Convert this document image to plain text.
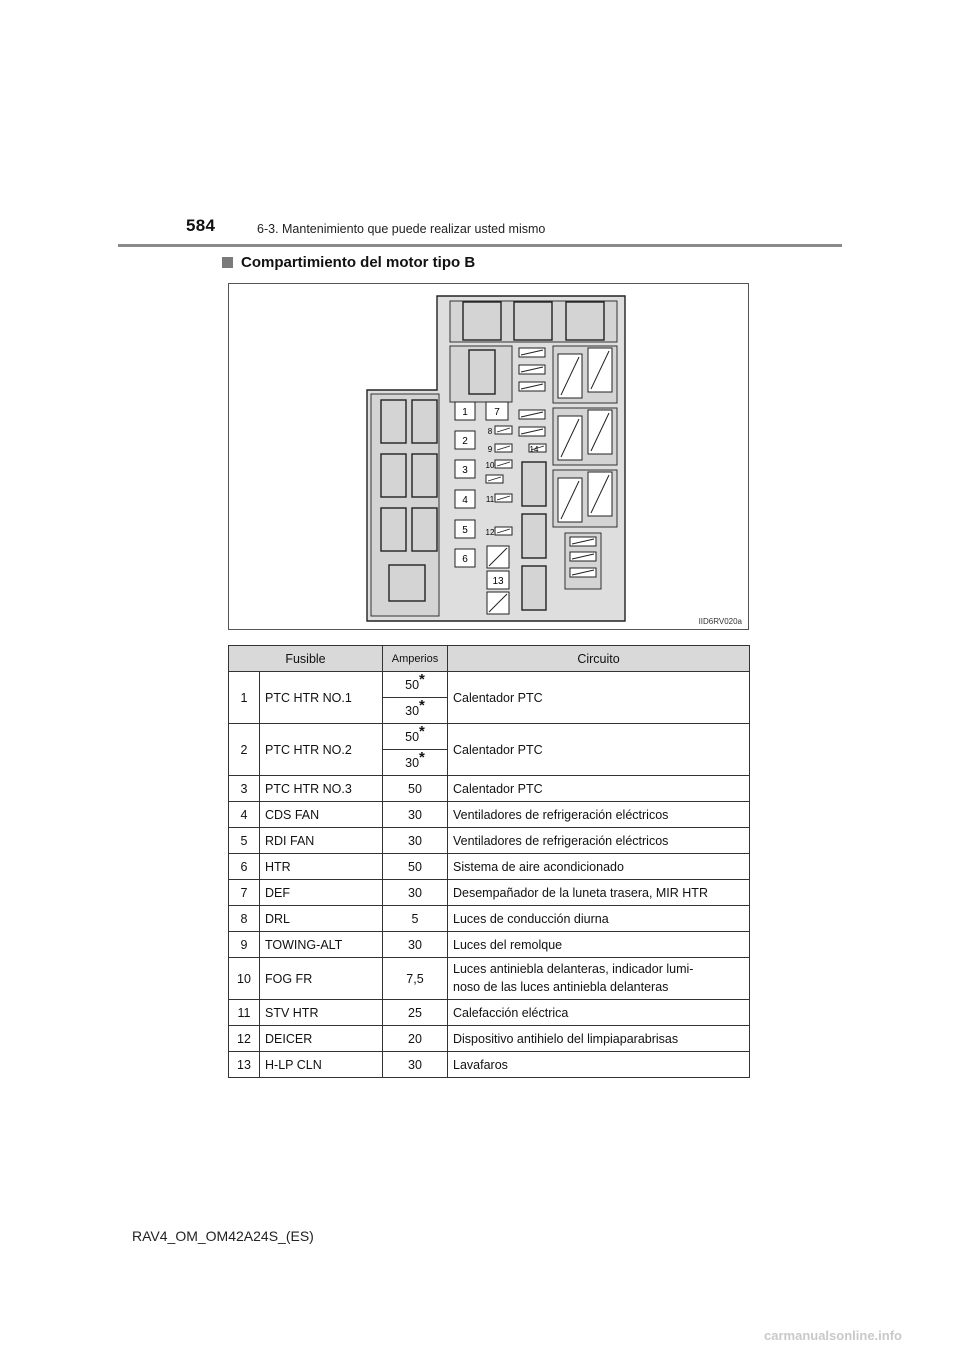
584	6-3. Mantenimiento que puede realizar usted mismo
Compartimiento del motor tipo B
1
2
3
4
5
6
7
8
9
10
11
12
14
13
IID6RV020a
Fusible		Amperios	Circuito
1	PTC HTR NO.1	50*	Calentador PTC
		30*
2	PTC HTR NO.2	50*	Calentador PTC
		30*
3	PTC HTR NO.3	50	Calentador PTC
4	CDS FAN	30	Ventiladores de refrigeración eléctricos
5	RDI FAN	30	Ventiladores de refrigeración eléctricos
6	HTR	50	Sistema de aire acondicionado
7	DEF	30	Desempañador de la luneta trasera, MIR HTR
8	DRL	5	Luces de conducción diurna
9	TOWING-ALT	30	Luces del remolque
10	FOG FR	7,5	Luces antiniebla delanteras, indicador lumi-
noso de las luces antiniebla delanteras
11	STV HTR	25	Calefacción eléctrica
12	DEICER	20	Dispositivo antihielo del limpiaparabrisas
13	H-LP CLN	30	Lavafaros
RAV4_OM_OM42A24S_(ES)
carmanualsonline.info
